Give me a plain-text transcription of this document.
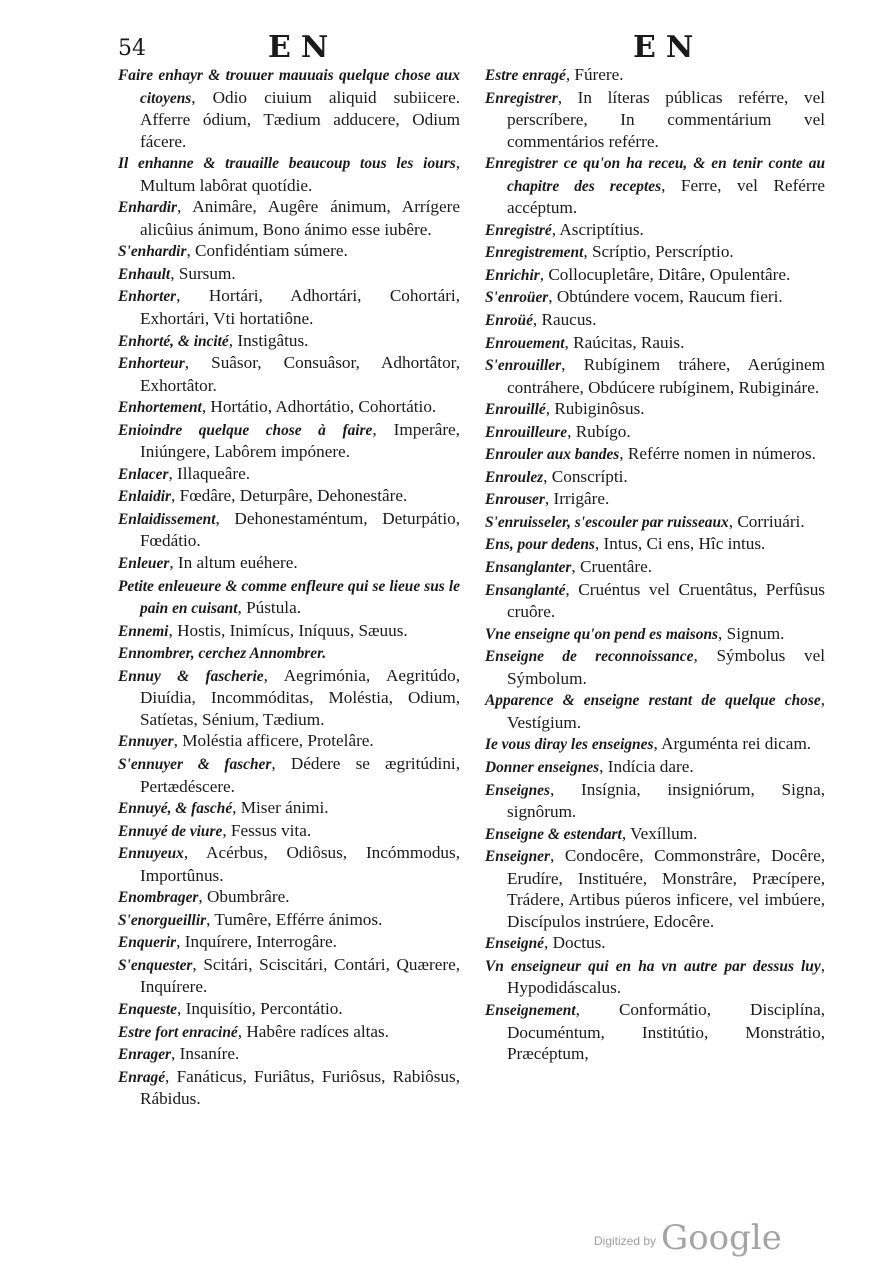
54	EN	EN

Faire enhayr & trouuer mauuais quelque chose aux citoyens, Odio ciuium aliquid subiicere. Afferre ódium, Tædium adducere, Odium fácere.

Il enhanne & trauaille beaucoup tous les iours, Multum labôrat quotídie.

Enhardir, Animâre, Augêre ánimum, Arrígere alicûius ánimum, Bono ánimo esse iubêre.

S'enhardir, Confidéntiam súmere.

Enhault, Sursum.

Enhorter, Hortári, Adhortári, Cohortári, Exhortári, Vti hortatiône.

Enhorté, & incité, Instigâtus.

Enhorteur, Suâsor, Consuâsor, Adhortâtor, Exhortâtor.

Enhortement, Hortátio, Adhortátio, Cohortátio.

Enioindre quelque chose à faire, Imperâre, Iniúngere, Labôrem impónere.

Enlacer, Illaqueâre.

Enlaidir, Fœdâre, Deturpâre, Dehonestâre.

Enlaidissement, Dehonestaméntum, Deturpátio, Fœdátio.

Enleuer, In altum euéhere.

Petite enleueure & comme enfleure qui se lieue sus le pain en cuisant, Pústula.

Ennemi, Hostis, Inimícus, Iníquus, Sæuus.

Ennombrer, cerchez Annombrer.

Ennuy & fascherie, Aegrimónia, Aegritúdo, Diuídia, Incommóditas, Moléstia, Odium, Satíetas, Sénium, Tædium.

Ennuyer, Moléstia afficere, Protelâre.

S'ennuyer & fascher, Dédere se ægritúdini, Pertædéscere.

Ennuyé, & fasché, Miser ánimi.

Ennuyé de viure, Fessus vita.

Ennuyeux, Acérbus, Odiôsus, Incómmodus, Importûnus.

Enombrager, Obumbrâre.

S'enorgueillir, Tumêre, Efférre ánimos.

Enquerir, Inquírere, Interrogâre.

S'enquester, Scitári, Sciscitári, Contári, Quærere, Inquírere.

Enqueste, Inquisítio, Percontátio.

Estre fort enraciné, Habêre radíces altas.

Enrager, Insaníre.

Enragé, Fanáticus, Furiâtus, Furiôsus, Rabiôsus, Rábidus.

Estre enragé, Fúrere.

Enregistrer, In líteras públicas reférre, vel perscríbere, In commentárium vel commentários reférre.

Enregistrer ce qu'on ha receu, & en tenir conte au chapitre des receptes, Ferre, vel Reférre accéptum.

Enregistré, Ascriptítius.

Enregistrement, Scríptio, Perscríptio.

Enrichir, Collocupletâre, Ditâre, Opulentâre.

S'enroüer, Obtúndere vocem, Raucum fieri.

Enroüé, Raucus.

Enrouement, Raúcitas, Rauis.

S'enrouiller, Rubíginem tráhere, Aerúginem contráhere, Obdúcere rubíginem, Rubigináre.

Enrouillé, Rubiginôsus.

Enrouilleure, Rubígo.

Enrouler aux bandes, Reférre nomen in números.

Enroulez, Conscrípti.

Enrouser, Irrigâre.

S'enruisseler, s'escouler par ruisseaux, Corriuári.

Ens, pour dedens, Intus, Ci ens, Hîc intus.

Ensanglanter, Cruentâre.

Ensanglanté, Cruéntus vel Cruentâtus, Perfûsus cruôre.

Vne enseigne qu'on pend es maisons, Signum.

Enseigne de reconnoissance, Sýmbolus vel Sýmbolum.

Apparence & enseigne restant de quelque chose, Vestígium.

Ie vous diray les enseignes, Arguménta rei dicam.

Donner enseignes, Indícia dare.

Enseignes, Insígnia, insigniórum, Signa, signôrum.

Enseigne & estendart, Vexíllum.

Enseigner, Condocêre, Commonstrâre, Docêre, Erudíre, Instituére, Monstrâre, Præcípere, Trádere, Artibus púeros inficere, vel imbúere, Discípulos instrúere, Edocêre.

Enseigné, Doctus.

Vn enseigneur qui en ha vn autre par dessus luy, Hypodidáscalus.

Enseignement, Conformátio, Disciplína, Documéntum, Institútio, Monstrátio, Præcéptum,

$^{Digitized by}$ Google
